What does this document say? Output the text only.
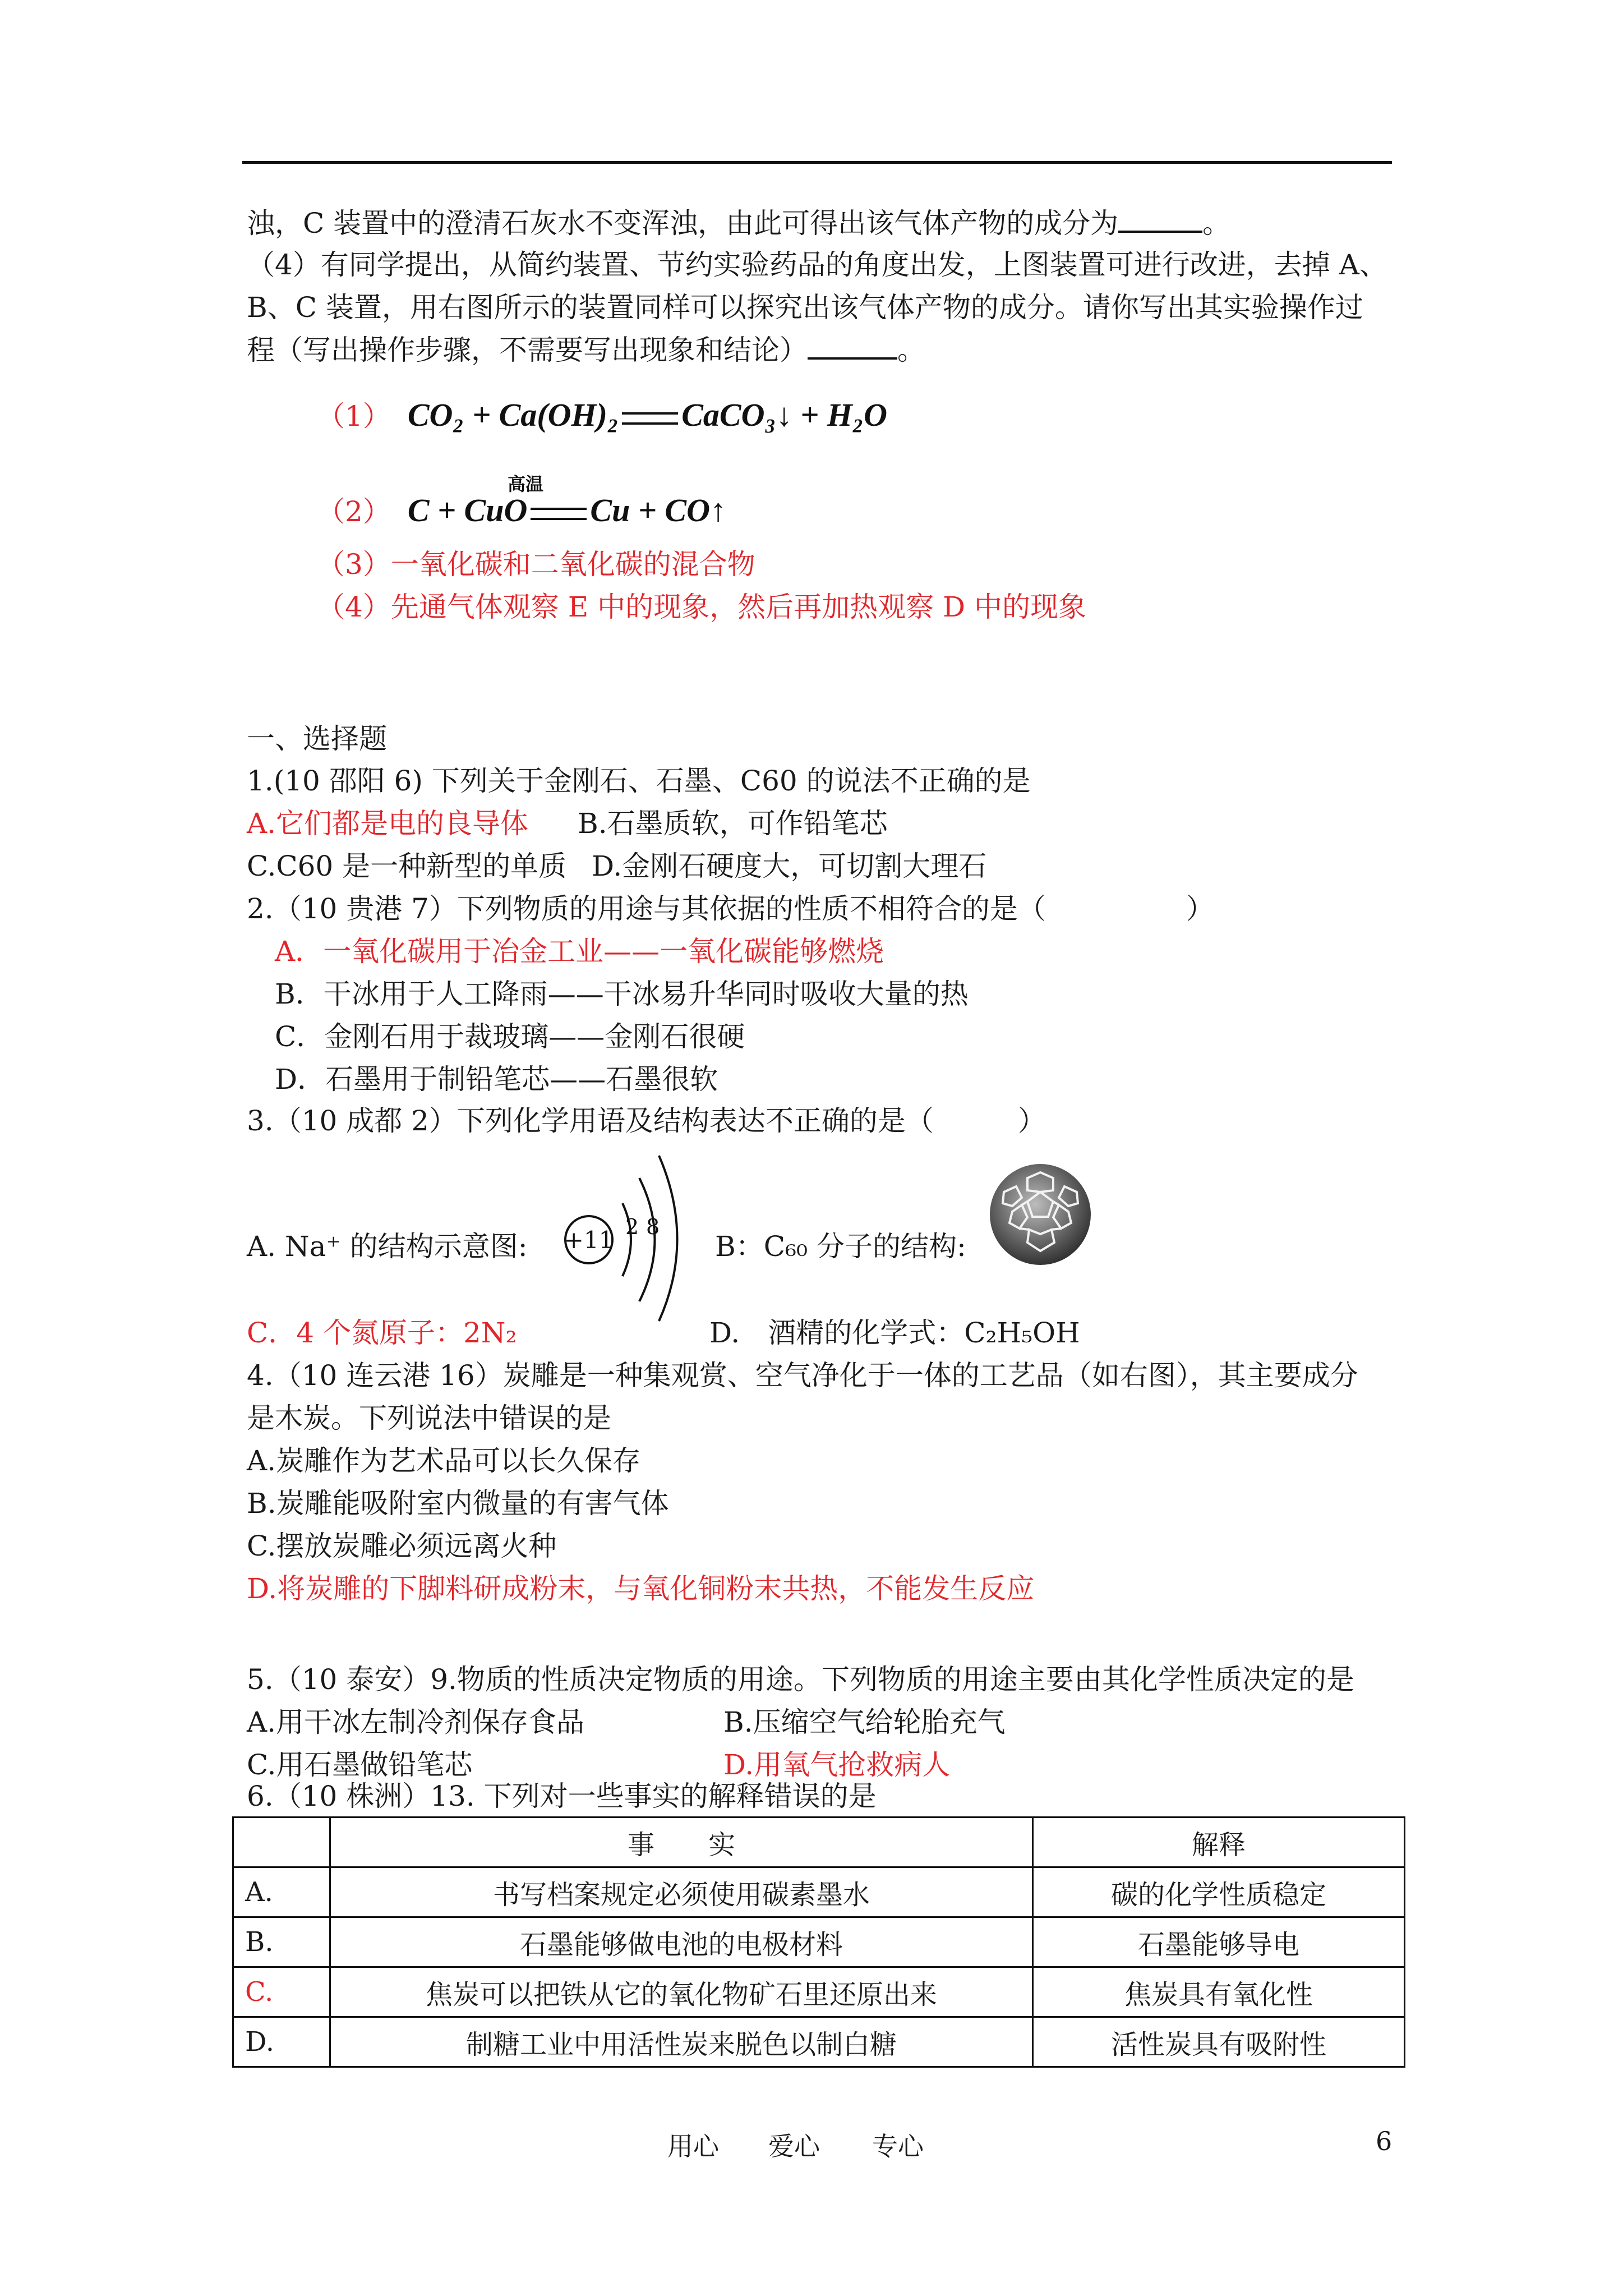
浊，C 装置中的澄清石灰水不变浑浊，由此可得出该气体产物的成分为	。
（4）有同学提出，从简约装置、节约实验药品的角度出发，上图装置可进行改进，去掉 A、
B、C 装置，用右图所示的装置同样可以探究出该气体产物的成分。请你写出其实验操作过
程（写出操作步骤，不需要写出现象和结论）	。
（1） CO₂ + Ca(OH)₂ CaCO₃↓ + H₂O
高温
（2） C + CuO Cu + CO↑
（3）一氧化碳和二氧化碳的混合物
（4）先通气体观察 E 中的现象，然后再加热观察 D 中的现象
一、选择题
1.(10 邵阳 6) 下列关于金刚石、石墨、C60 的说法不正确的是
A.它们都是电的良导体 B.石墨质软，可作铅笔芯
C.C60 是一种新型的单质 D.金刚石硬度大，可切割大理石
2.（10 贵港 7）下列物质的用途与其依据的性质不相符合的是（　　　　　）
A．一氧化碳用于冶金工业——一氧化碳能够燃烧
B．干冰用于人工降雨——干冰易升华同时吸收大量的热
C．金刚石用于裁玻璃——金刚石很硬
D．石墨用于制铅笔芯——石墨很软
3.（10 成都 2）下列化学用语及结构表达不正确的是（　　　）
+11 2 8
A. Na⁺ 的结构示意图:	B：C₆₀ 分子的结构:
C．4 个氮原子：2N₂	D.　酒精的化学式：C₂H₅OH
4.（10 连云港 16）炭雕是一种集观赏、空气净化于一体的工艺品（如右图），其主要成分
是木炭。下列说法中错误的是
A.炭雕作为艺术品可以长久保存
B.炭雕能吸附室内微量的有害气体
C.摆放炭雕必须远离火种
D.将炭雕的下脚料研成粉末，与氧化铜粉末共热，不能发生反应
5.（10 泰安）9.物质的性质决定物质的用途。下列物质的用途主要由其化学性质决定的是
A.用干冰左制冷剂保存食品	B.压缩空气给轮胎充气
C.用石墨做铅笔芯	D.用氧气抢救病人
6.（10 株洲）13. 下列对一些事实的解释错误的是
	事　　实	解释
A.	书写档案规定必须使用碳素墨水	碳的化学性质稳定
B.	石墨能够做电池的电极材料	石墨能够导电
C.	焦炭可以把铁从它的氧化物矿石里还原出来	焦炭具有氧化性
D.	制糖工业中用活性炭来脱色以制白糖	活性炭具有吸附性
用心 爱心 专心	6
